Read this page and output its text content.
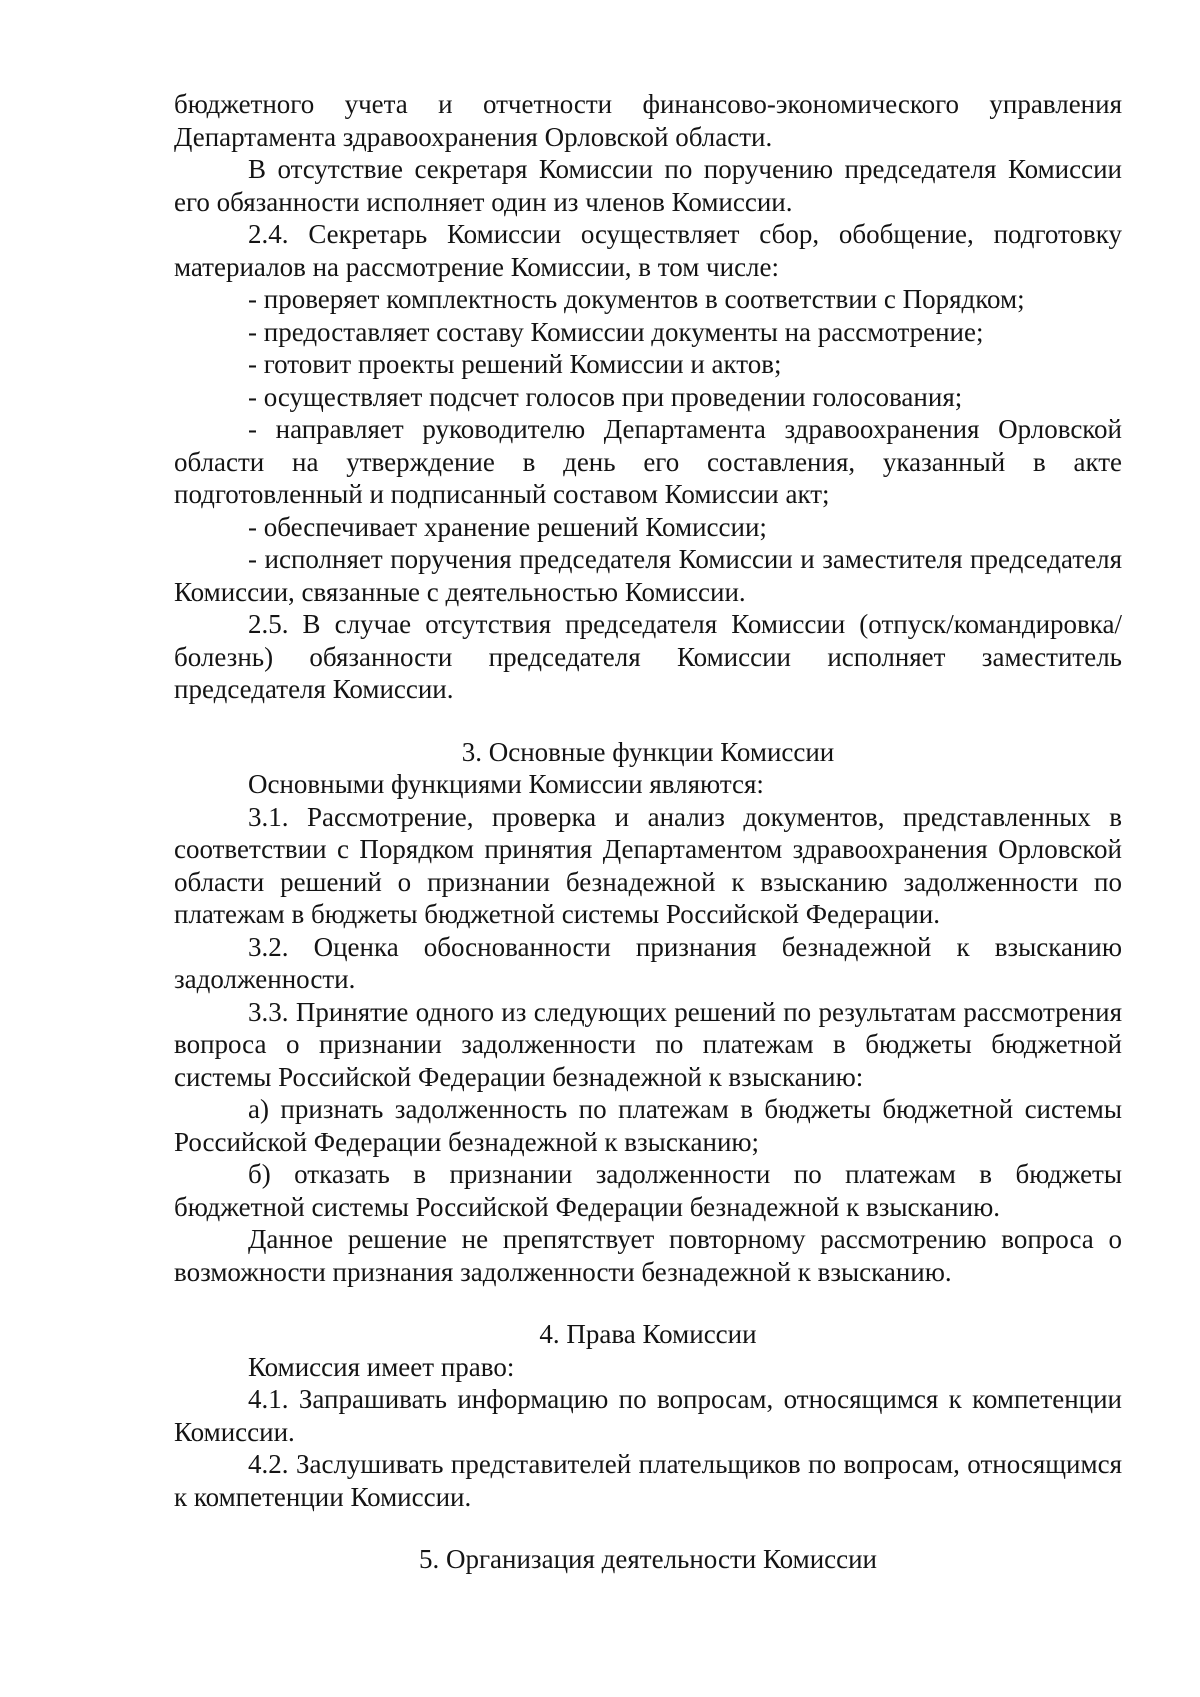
бюджетного учета и отчетности финансово-экономического управления Департамента здравоохранения Орловской области.

В отсутствие секретаря Комиссии по поручению председателя Комиссии его обязанности исполняет один из членов Комиссии.

2.4. Секретарь Комиссии осуществляет сбор, обобщение, подготовку материалов на рассмотрение Комиссии, в том числе:

- проверяет комплектность документов в соответствии с Порядком;

- предоставляет составу Комиссии документы на рассмотрение;

- готовит проекты решений Комиссии и актов;

- осуществляет подсчет голосов при проведении голосования;

- направляет руководителю Департамента здравоохранения Орловской области на утверждение в день его составления, указанный в акте подготовленный и подписанный составом Комиссии акт;

- обеспечивает хранение решений Комиссии;

- исполняет поручения председателя Комиссии и заместителя председателя Комиссии, связанные с деятельностью Комиссии.

2.5. В случае отсутствия председателя Комиссии (отпуск/командировка/болезнь) обязанности председателя Комиссии исполняет заместитель председателя Комиссии.

3. Основные функции Комиссии

Основными функциями Комиссии являются:

3.1. Рассмотрение, проверка и анализ документов, представленных в соответствии с Порядком принятия Департаментом здравоохранения Орловской области решений о признании безнадежной к взысканию задолженности по платежам в бюджеты бюджетной системы Российской Федерации.

3.2. Оценка обоснованности признания безнадежной к взысканию задолженности.

3.3. Принятие одного из следующих решений по результатам рассмотрения вопроса о признании задолженности по платежам в бюджеты бюджетной системы Российской Федерации безнадежной к взысканию:

а) признать задолженность по платежам в бюджеты бюджетной системы Российской Федерации безнадежной к взысканию;

б) отказать в признании задолженности по платежам в бюджеты бюджетной системы Российской Федерации безнадежной к взысканию.

Данное решение не препятствует повторному рассмотрению вопроса о возможности признания задолженности безнадежной к взысканию.

4. Права Комиссии

Комиссия имеет право:

4.1. Запрашивать информацию по вопросам, относящимся к компетенции Комиссии.

4.2. Заслушивать представителей плательщиков по вопросам, относящимся к компетенции Комиссии.

5. Организация деятельности Комиссии
